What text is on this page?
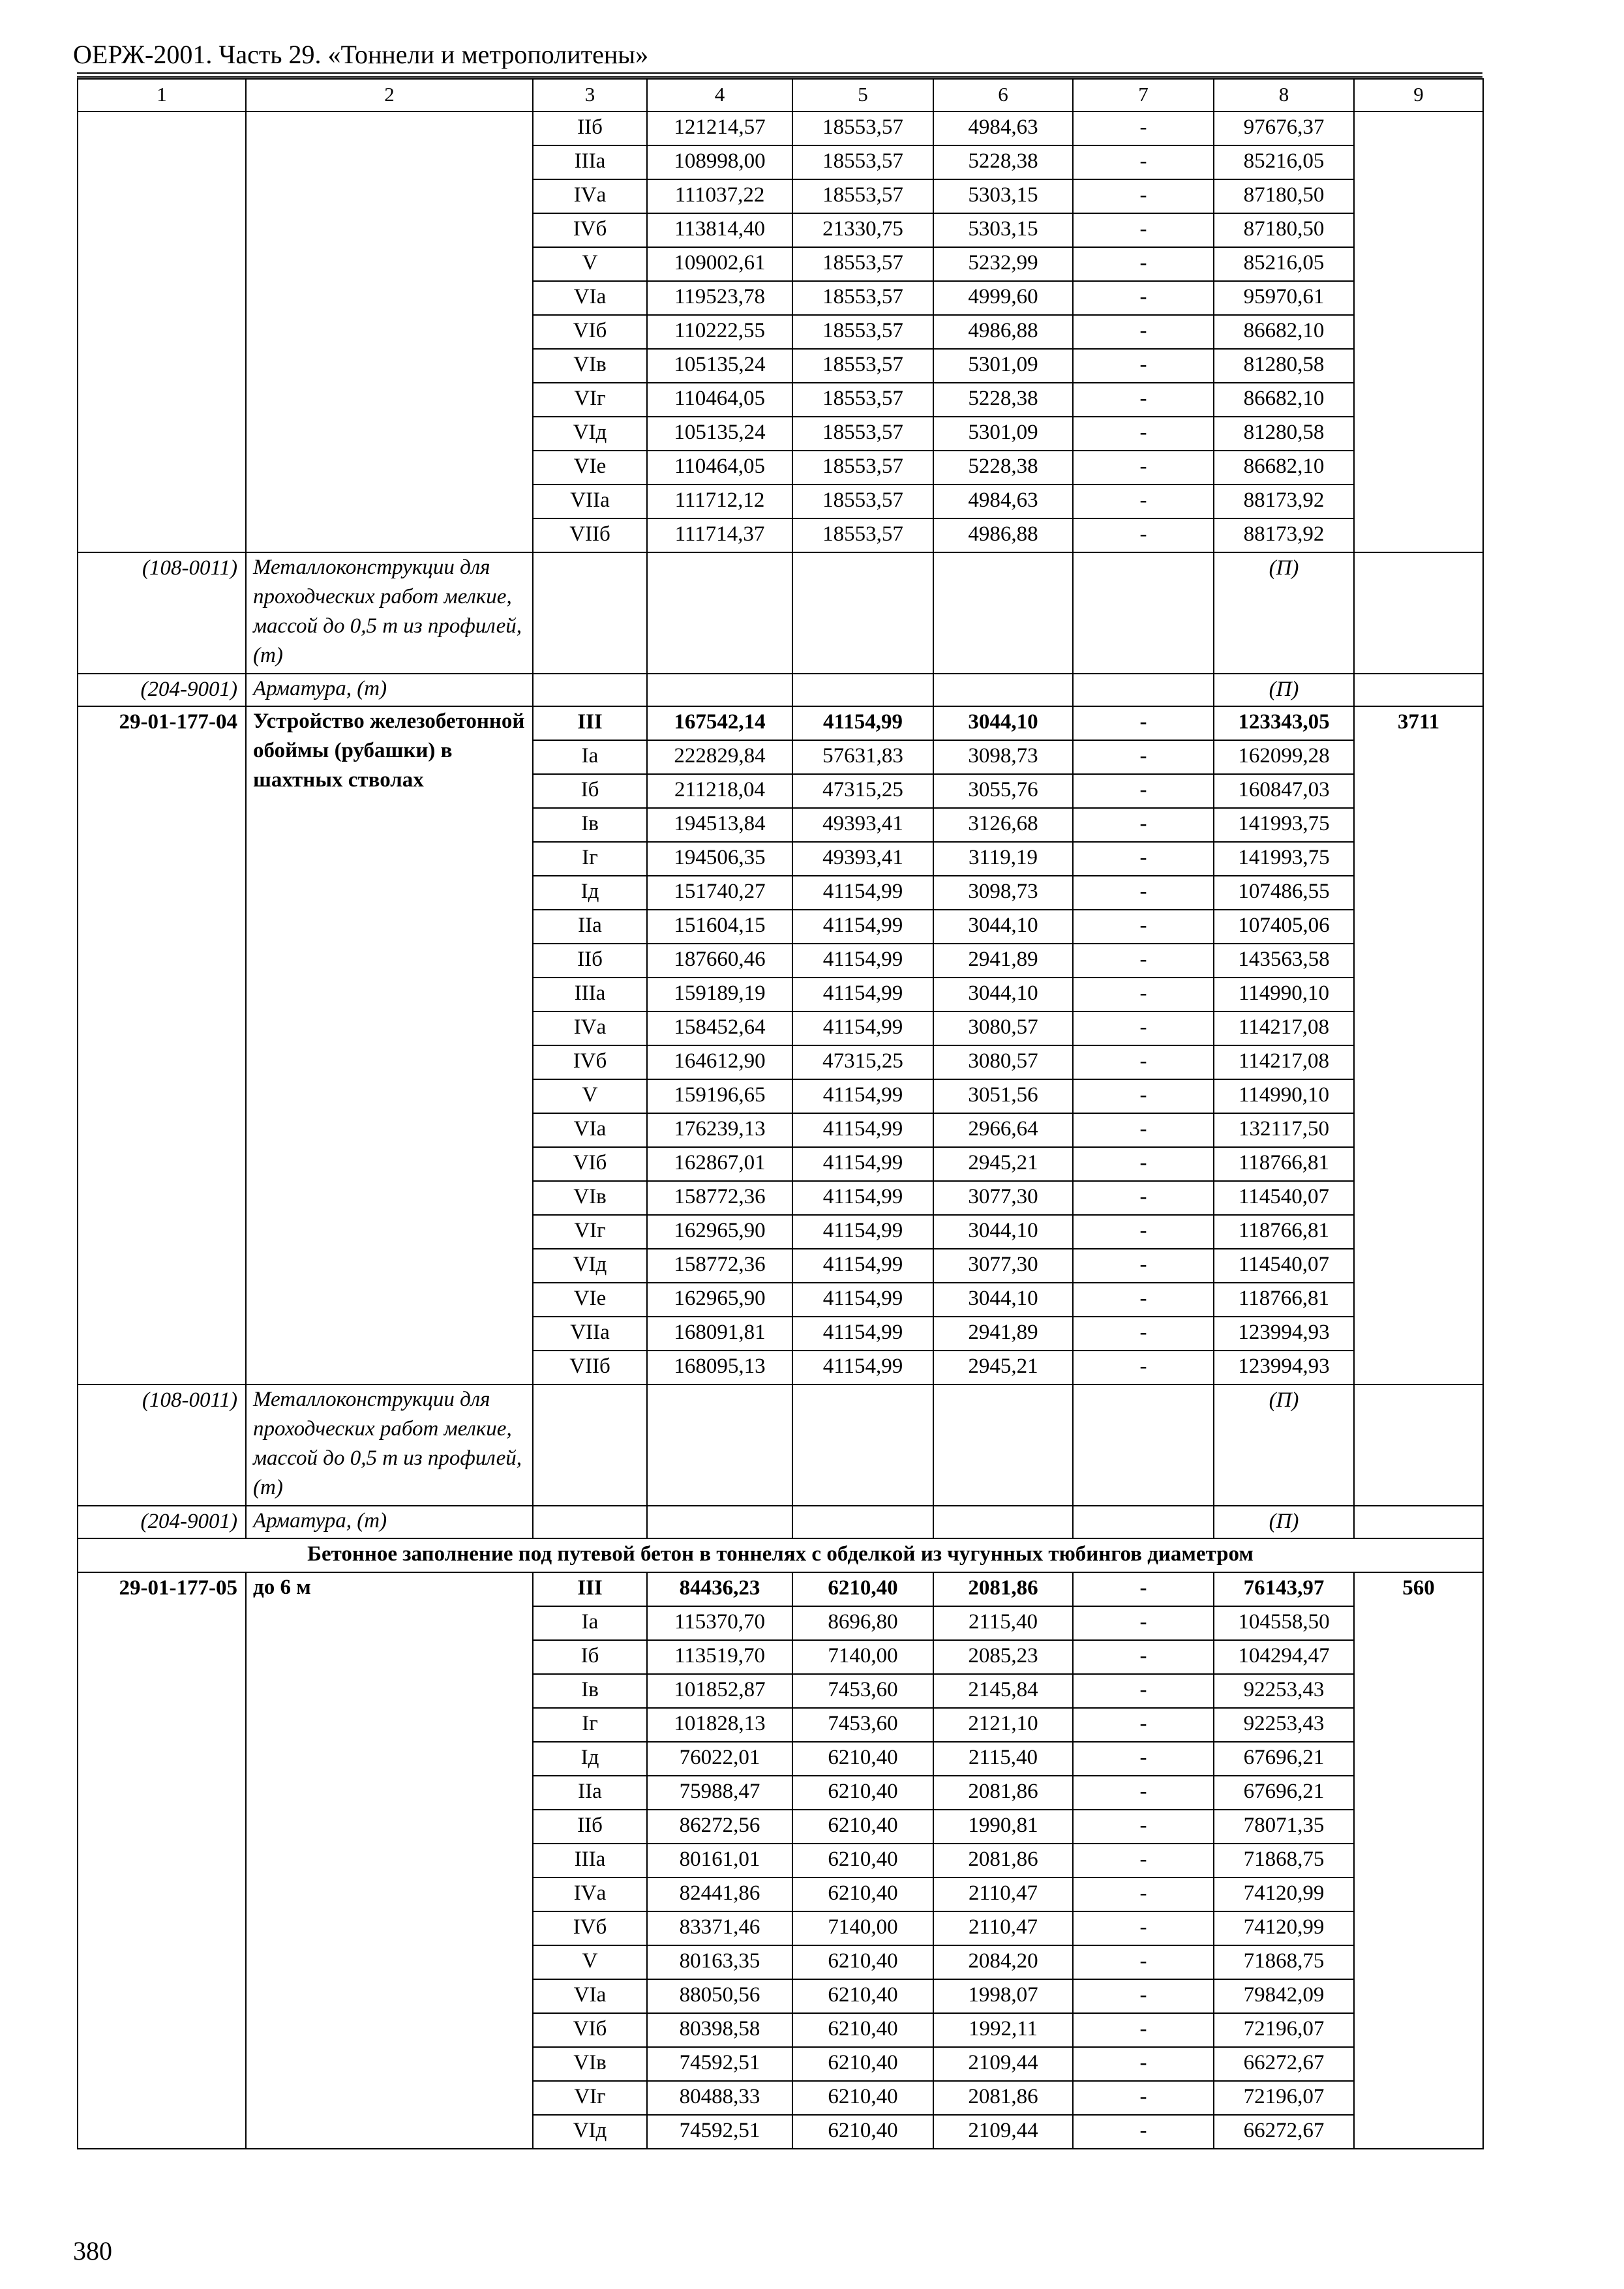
ОЕРЖ-2001. Часть 29. «Тоннели и метрополитены»
1	2	3	4	5	6	7	8	9
		IIб	121214,57	18553,57	4984,63	-	97676,37	
		IIIа	108998,00	18553,57	5228,38	-	85216,05	
		IVа	111037,22	18553,57	5303,15	-	87180,50	
		IVб	113814,40	21330,75	5303,15	-	87180,50	
		V	109002,61	18553,57	5232,99	-	85216,05	
		VIа	119523,78	18553,57	4999,60	-	95970,61	
		VIб	110222,55	18553,57	4986,88	-	86682,10	
		VIв	105135,24	18553,57	5301,09	-	81280,58	
		VIг	110464,05	18553,57	5228,38	-	86682,10	
		VIд	105135,24	18553,57	5301,09	-	81280,58	
		VIе	110464,05	18553,57	5228,38	-	86682,10	
		VIIа	111712,12	18553,57	4984,63	-	88173,92	
		VIIб	111714,37	18553,57	4986,88	-	88173,92	
(108-0011)	Металлоконструкции для проходческих работ мелкие, массой до 0,5 т из профилей, (т)						(П)	
(204-9001)	Арматура, (т)						(П)	
29-01-177-04	Устройство железобетонной обоймы (рубашки) в шахтных стволах	III	167542,14	41154,99	3044,10	-	123343,05	3711
		Iа	222829,84	57631,83	3098,73	-	162099,28	
		Iб	211218,04	47315,25	3055,76	-	160847,03	
		Iв	194513,84	49393,41	3126,68	-	141993,75	
		Iг	194506,35	49393,41	3119,19	-	141993,75	
		Iд	151740,27	41154,99	3098,73	-	107486,55	
		IIа	151604,15	41154,99	3044,10	-	107405,06	
		IIб	187660,46	41154,99	2941,89	-	143563,58	
		IIIа	159189,19	41154,99	3044,10	-	114990,10	
		IVа	158452,64	41154,99	3080,57	-	114217,08	
		IVб	164612,90	47315,25	3080,57	-	114217,08	
		V	159196,65	41154,99	3051,56	-	114990,10	
		VIа	176239,13	41154,99	2966,64	-	132117,50	
		VIб	162867,01	41154,99	2945,21	-	118766,81	
		VIв	158772,36	41154,99	3077,30	-	114540,07	
		VIг	162965,90	41154,99	3044,10	-	118766,81	
		VIд	158772,36	41154,99	3077,30	-	114540,07	
		VIе	162965,90	41154,99	3044,10	-	118766,81	
		VIIа	168091,81	41154,99	2941,89	-	123994,93	
		VIIб	168095,13	41154,99	2945,21	-	123994,93	
(108-0011)	Металлоконструкции для проходческих работ мелкие, массой до 0,5 т из профилей, (т)						(П)	
(204-9001)	Арматура, (т)						(П)	
Бетонное заполнение под путевой бетон в тоннелях с обделкой из чугунных тюбингов диаметром								
29-01-177-05	до 6 м	III	84436,23	6210,40	2081,86	-	76143,97	560
		Iа	115370,70	8696,80	2115,40	-	104558,50	
		Iб	113519,70	7140,00	2085,23	-	104294,47	
		Iв	101852,87	7453,60	2145,84	-	92253,43	
		Iг	101828,13	7453,60	2121,10	-	92253,43	
		Iд	76022,01	6210,40	2115,40	-	67696,21	
		IIа	75988,47	6210,40	2081,86	-	67696,21	
		IIб	86272,56	6210,40	1990,81	-	78071,35	
		IIIа	80161,01	6210,40	2081,86	-	71868,75	
		IVа	82441,86	6210,40	2110,47	-	74120,99	
		IVб	83371,46	7140,00	2110,47	-	74120,99	
		V	80163,35	6210,40	2084,20	-	71868,75	
		VIа	88050,56	6210,40	1998,07	-	79842,09	
		VIб	80398,58	6210,40	1992,11	-	72196,07	
		VIв	74592,51	6210,40	2109,44	-	66272,67	
		VIг	80488,33	6210,40	2081,86	-	72196,07	
		VIд	74592,51	6210,40	2109,44	-	66272,67	
380
